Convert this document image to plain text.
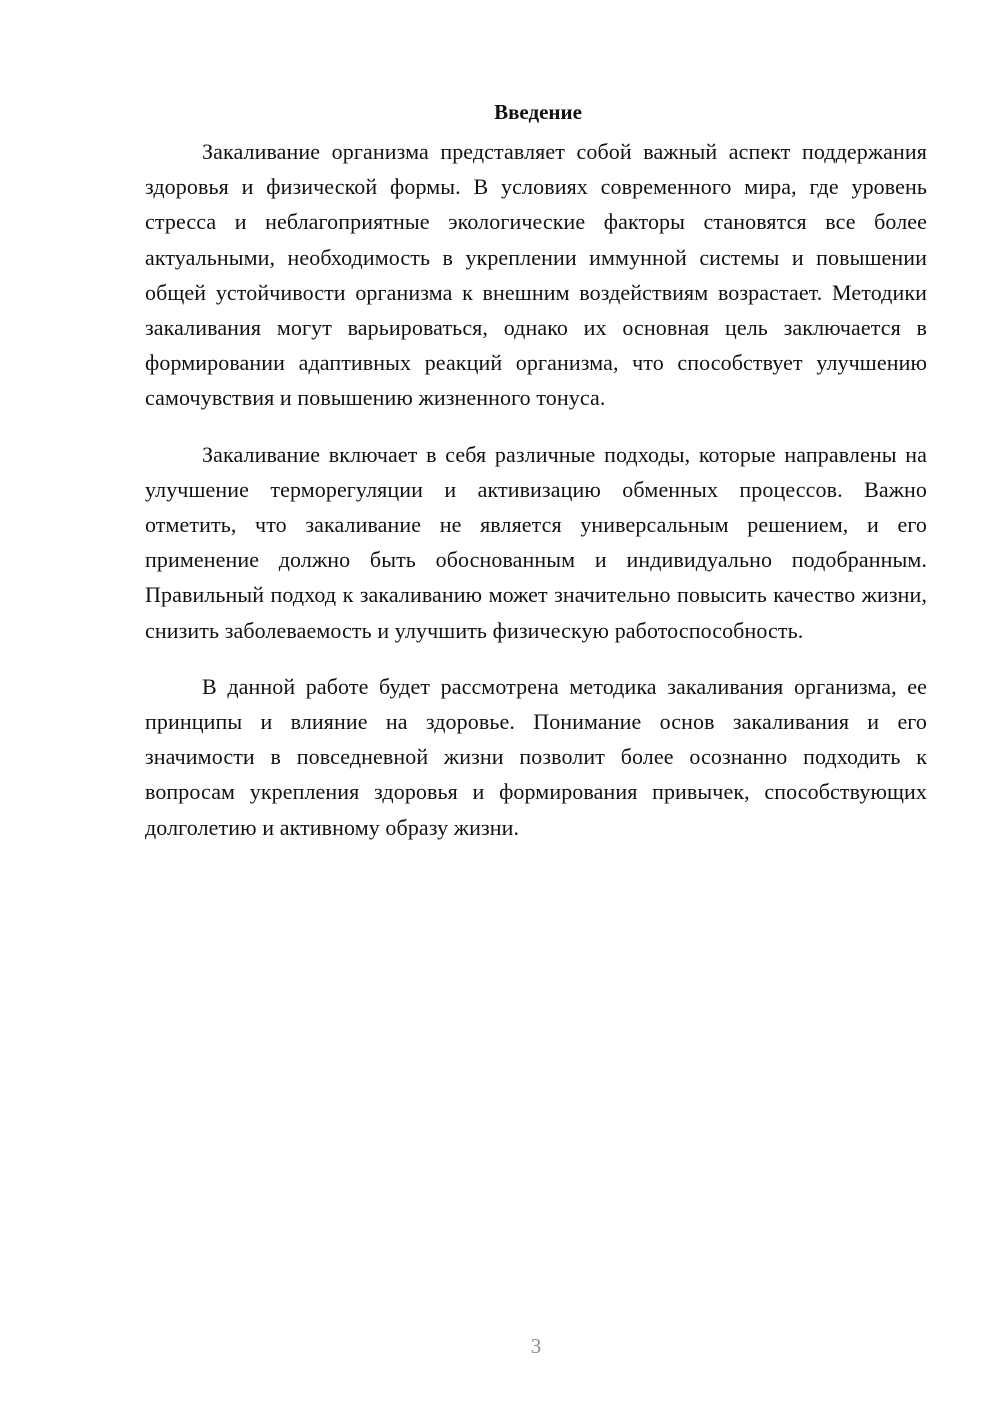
Введение

Закаливание организма представляет собой важный аспект поддержания здоровья и физической формы. В условиях современного мира, где уровень стресса и неблагоприятные экологические факторы становятся все более актуальными, необходимость в укреплении иммунной системы и повышении общей устойчивости организма к внешним воздействиям возрастает. Методики закаливания могут варьироваться, однако их основная цель заключается в формировании адаптивных реакций организма, что способствует улучшению самочувствия и повышению жизненного тонуса.

Закаливание включает в себя различные подходы, которые направлены на улучшение терморегуляции и активизацию обменных процессов. Важно отметить, что закаливание не является универсальным решением, и его применение должно быть обоснованным и индивидуально подобранным. Правильный подход к закаливанию может значительно повысить качество жизни, снизить заболеваемость и улучшить физическую работоспособность.

В данной работе будет рассмотрена методика закаливания организма, ее принципы и влияние на здоровье. Понимание основ закаливания и его значимости в повседневной жизни позволит более осознанно подходить к вопросам укрепления здоровья и формирования привычек, способствующих долголетию и активному образу жизни.

3
